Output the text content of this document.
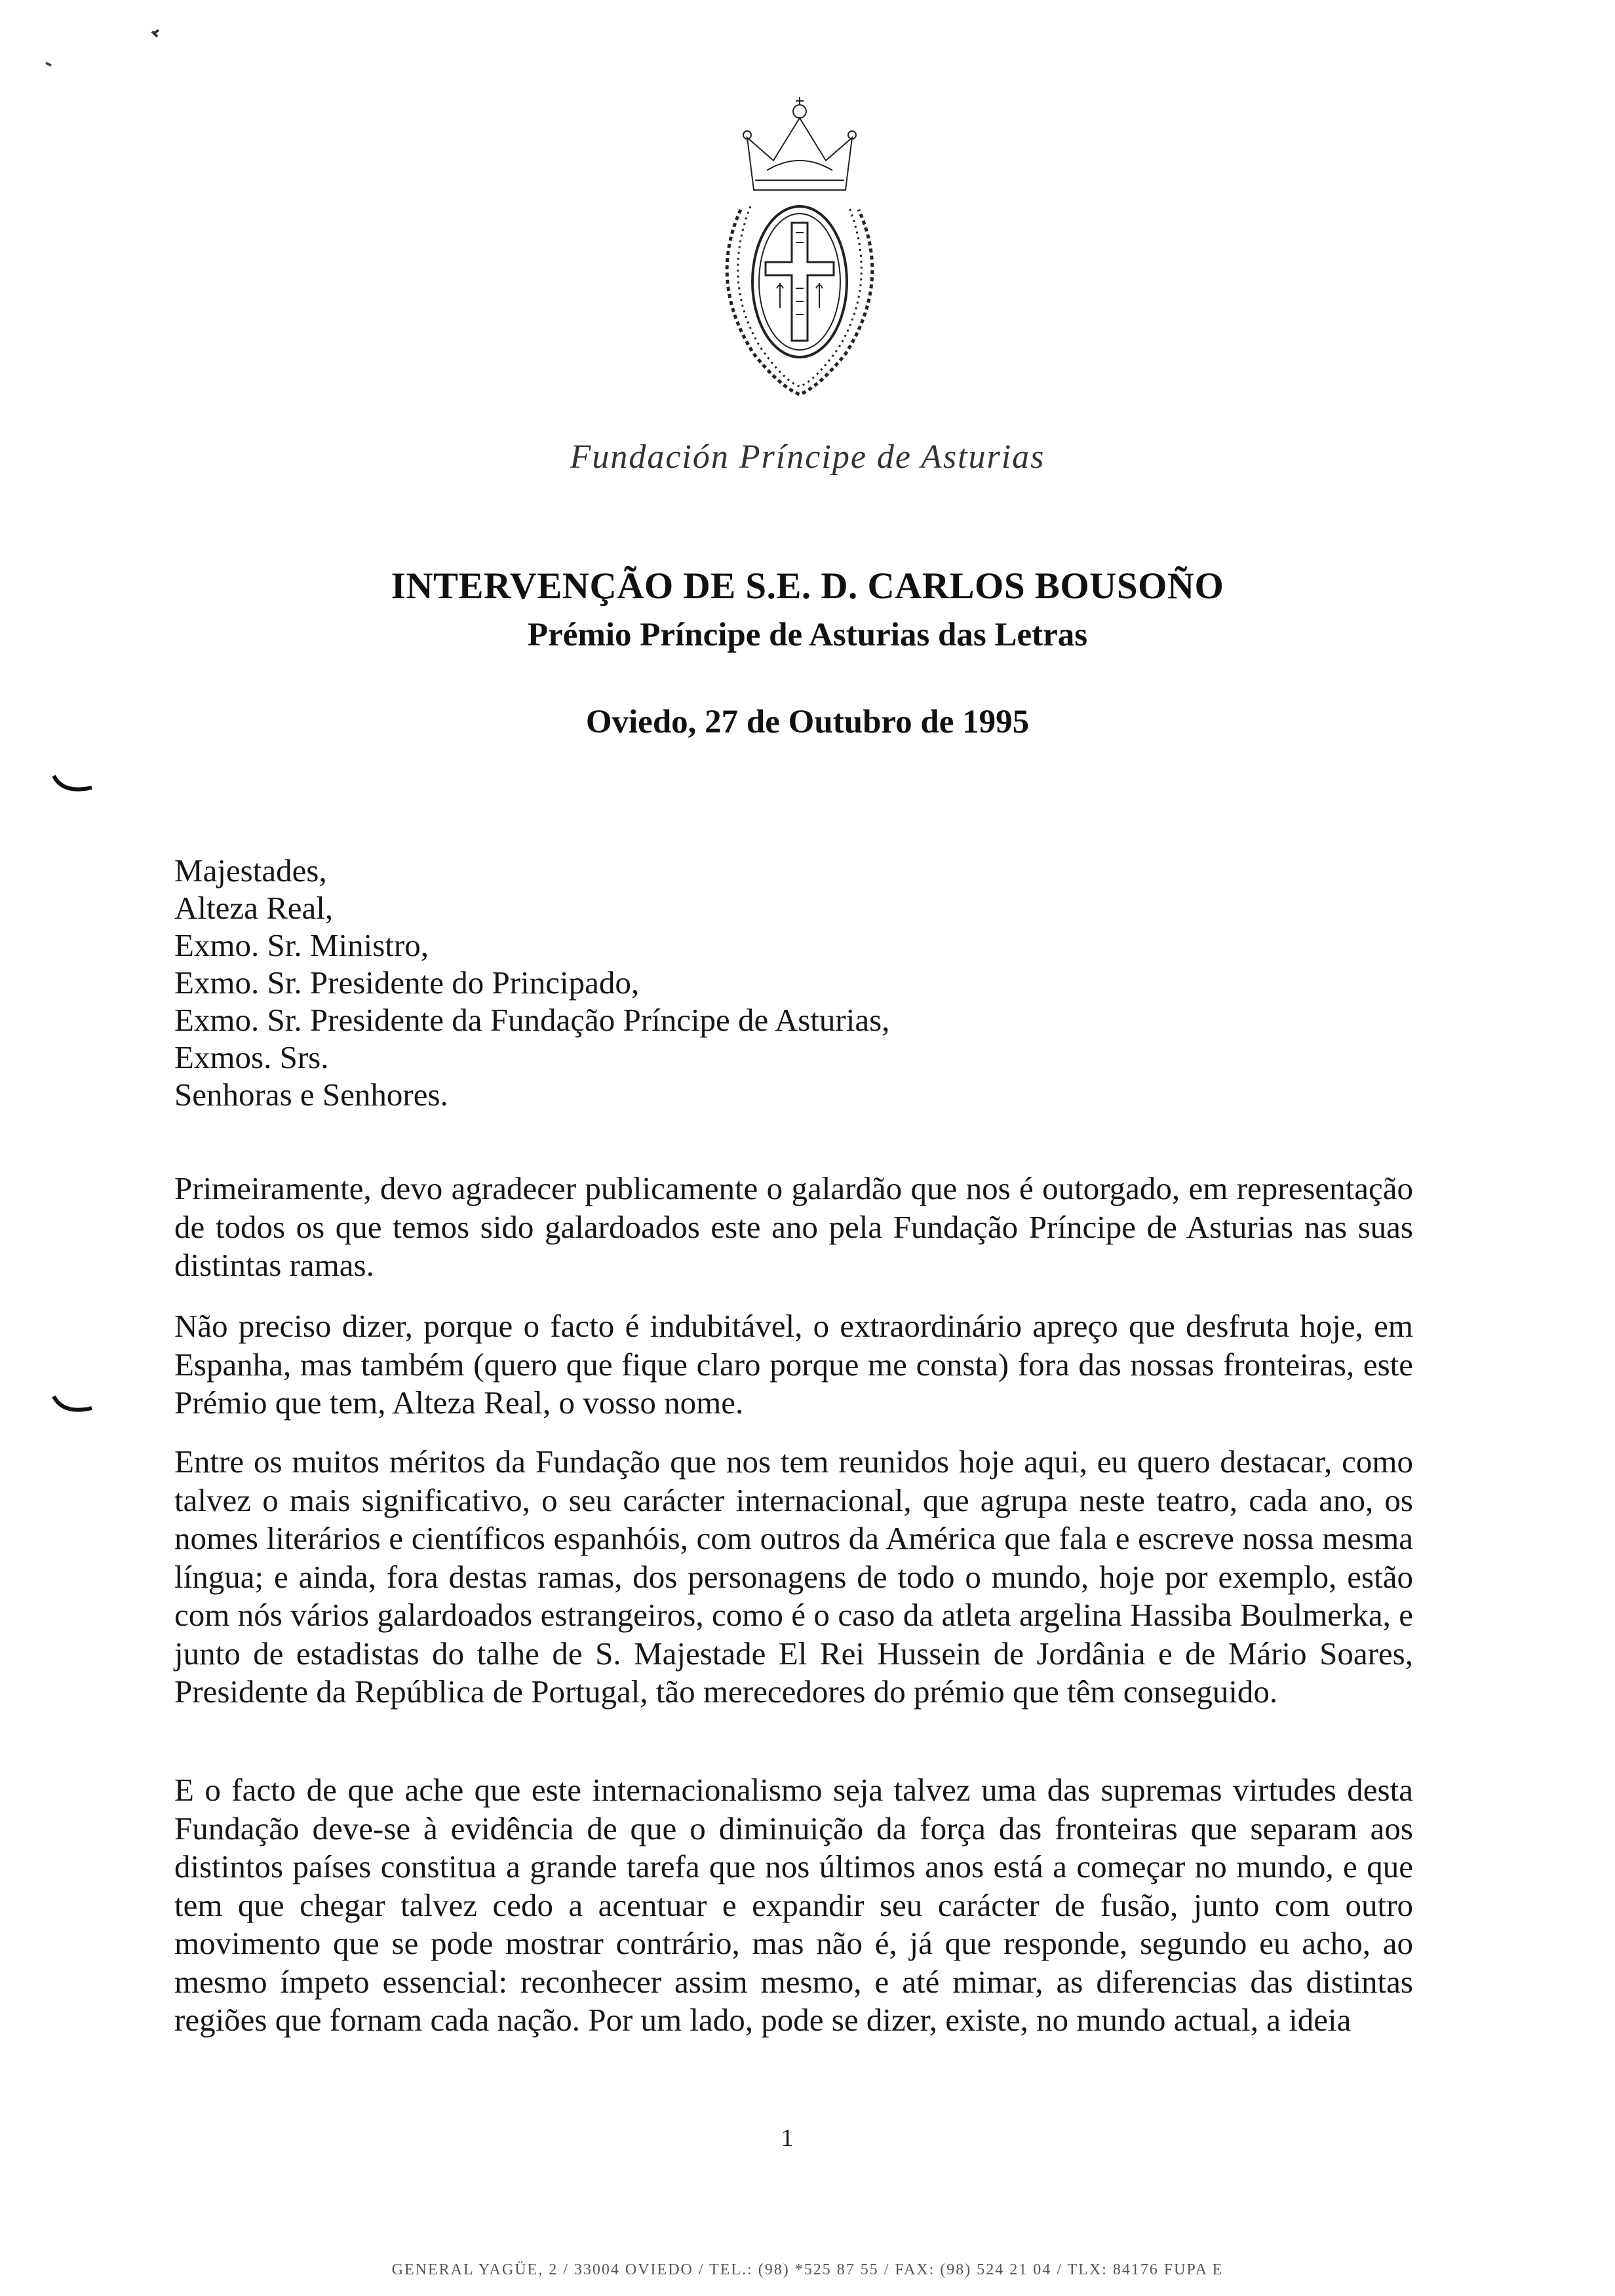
Fundación Príncipe de Asturias
INTERVENÇÃO DE S.E. D. CARLOS BOUSOÑO
Prémio Príncipe de Asturias das Letras
Oviedo, 27 de Outubro de 1995
Majestades,
Alteza Real,
Exmo. Sr. Ministro,
Exmo. Sr. Presidente do Principado,
Exmo. Sr. Presidente da Fundação Príncipe de Asturias,
Exmos. Srs.
Senhoras e Senhores.

Primeiramente, devo agradecer publicamente o galardão que nos é outorgado, em representação de todos os que temos sido galardoados este ano pela Fundação Príncipe de Asturias nas suas distintas ramas.

Não preciso dizer, porque o facto é indubitável, o extraordinário apreço que desfruta hoje, em Espanha, mas também (quero que fique claro porque me consta) fora das nossas fronteiras, este Prémio que tem, Alteza Real, o vosso nome.

Entre os muitos méritos da Fundação que nos tem reunidos hoje aqui, eu quero destacar, como talvez o mais significativo, o seu carácter internacional, que agrupa neste teatro, cada ano, os nomes literários e científicos espanhóis, com outros da América que fala e escreve nossa mesma língua; e ainda, fora destas ramas, dos personagens de todo o mundo, hoje por exemplo, estão com nós vários galardoados estrangeiros, como é o caso da atleta argelina Hassiba Boulmerka, e junto de estadistas do talhe de S. Majestade El Rei Hussein de Jordânia e de Mário Soares, Presidente da República de Portugal, tão merecedores do prémio que têm conseguido.

E o facto de que ache que este internacionalismo seja talvez uma das supremas virtudes desta Fundação deve-se à evidência de que o diminuição da força das fronteiras que separam aos distintos países constitua a grande tarefa que nos últimos anos está a começar no mundo, e que tem que chegar talvez cedo a acentuar e expandir seu carácter de fusão, junto com outro movimento que se pode mostrar contrário, mas não é, já que responde, segundo eu acho, ao mesmo ímpeto essencial: reconhecer assim mesmo, e até mimar, as diferencias das distintas regiões que fornam cada nação. Por um lado, pode se dizer, existe, no mundo actual, a ideia

1
GENERAL YAGÜE, 2 / 33004 OVIEDO / TEL.: (98) *525 87 55 / FAX: (98) 524 21 04 / TLX: 84176 FUPA E
